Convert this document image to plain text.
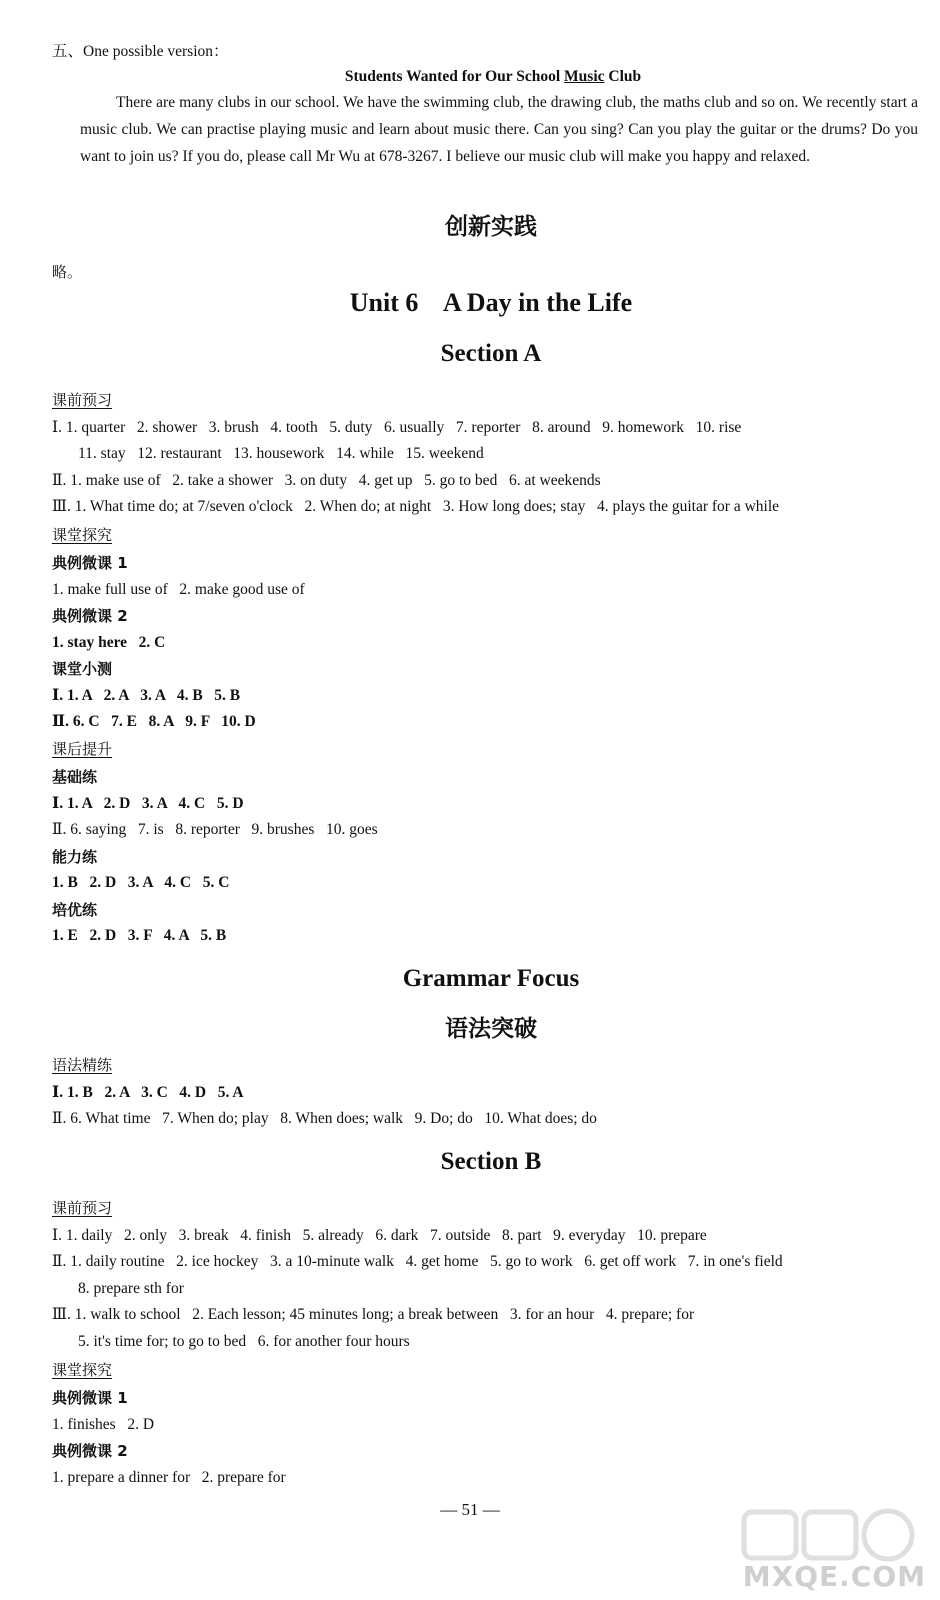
五、One possible version：
Students Wanted for Our School Music Club
There are many clubs in our school. We have the swimming club, the drawing club, the maths club and so on. We recently start a music club. We can practise playing music and learn about music there. Can you sing? Can you play the guitar or the drums? Do you want to join us? If you do, please call Mr Wu at 678-3267. I believe our music club will make you happy and relaxed.
创新实践
略。
Unit 6    A Day in the Life
Section A
课前预习
Ⅰ. 1. quarter   2. shower   3. brush   4. tooth   5. duty   6. usually   7. reporter   8. around   9. homework   10. rise
11. stay   12. restaurant   13. housework   14. while   15. weekend
Ⅱ. 1. make use of   2. take a shower   3. on duty   4. get up   5. go to bed   6. at weekends
Ⅲ. 1. What time do; at 7/seven o'clock   2. When do; at night   3. How long does; stay   4. plays the guitar for a while
课堂探究
典例微课 1
1. make full use of   2. make good use of
典例微课 2
1. stay here   2. C
课堂小测
Ⅰ. 1. A   2. A   3. A   4. B   5. B
Ⅱ. 6. C   7. E   8. A   9. F   10. D
课后提升
基础练
Ⅰ. 1. A   2. D   3. A   4. C   5. D
Ⅱ. 6. saying   7. is   8. reporter   9. brushes   10. goes
能力练
1. B   2. D   3. A   4. C   5. C
培优练
1. E   2. D   3. F   4. A   5. B
Grammar Focus
语法突破
语法精练
Ⅰ. 1. B   2. A   3. C   4. D   5. A
Ⅱ. 6. What time   7. When do; play   8. When does; walk   9. Do; do   10. What does; do
Section B
课前预习
Ⅰ. 1. daily   2. only   3. break   4. finish   5. already   6. dark   7. outside   8. part   9. everyday   10. prepare
Ⅱ. 1. daily routine   2. ice hockey   3. a 10-minute walk   4. get home   5. go to work   6. get off work   7. in one's field
8. prepare sth for
Ⅲ. 1. walk to school   2. Each lesson; 45 minutes long; a break between   3. for an hour   4. prepare; for
5. it's time for; to go to bed   6. for another four hours
课堂探究
典例微课 1
1. finishes   2. D
典例微课 2
1. prepare a dinner for   2. prepare for
— 51 —
MXQE.COM
